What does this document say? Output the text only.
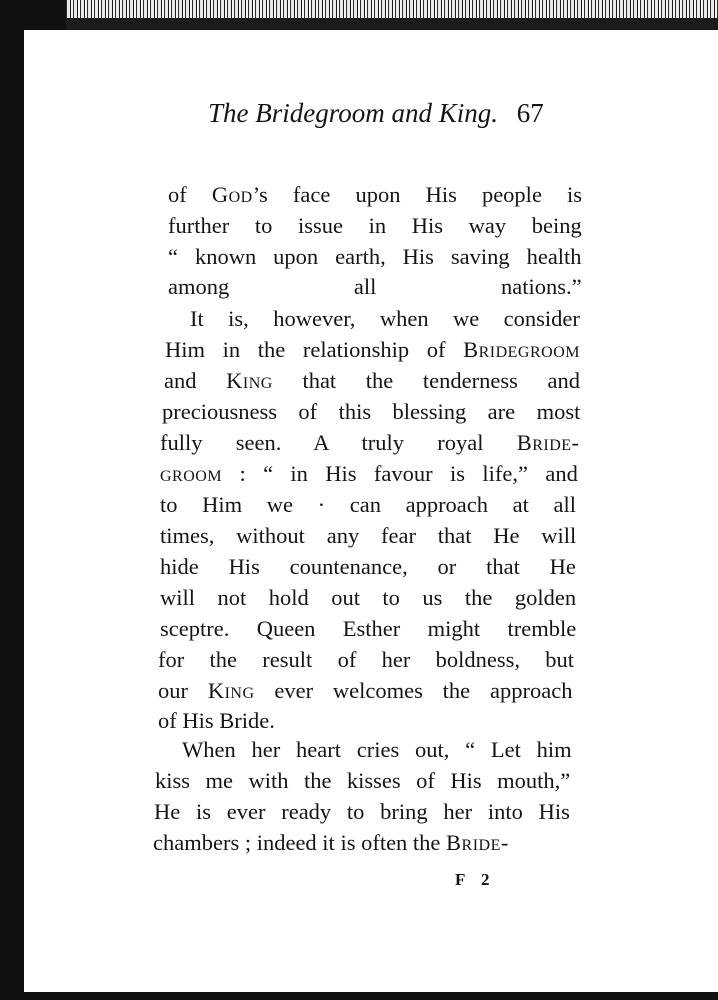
The Bridegroom and King. 67
of God’s face upon His people is
further to issue in His way being
“ known upon earth, His saving health
among all nations.”
It is, however, when we consider
Him in the relationship of Bridegroom
and King that the tenderness and
preciousness of this blessing are most
fully seen. A truly royal Bride-
groom : “ in His favour is life,” and
to Him we · can approach at all
times, without any fear that He will
hide His countenance, or that He
will not hold out to us the golden
sceptre. Queen Esther might tremble
for the result of her boldness, but
our King ever welcomes the approach
of His Bride.
When her heart cries out, “ Let him
kiss me with the kisses of His mouth,”
He is ever ready to bring her into His
chambers ; indeed it is often the Bride-
F 2
